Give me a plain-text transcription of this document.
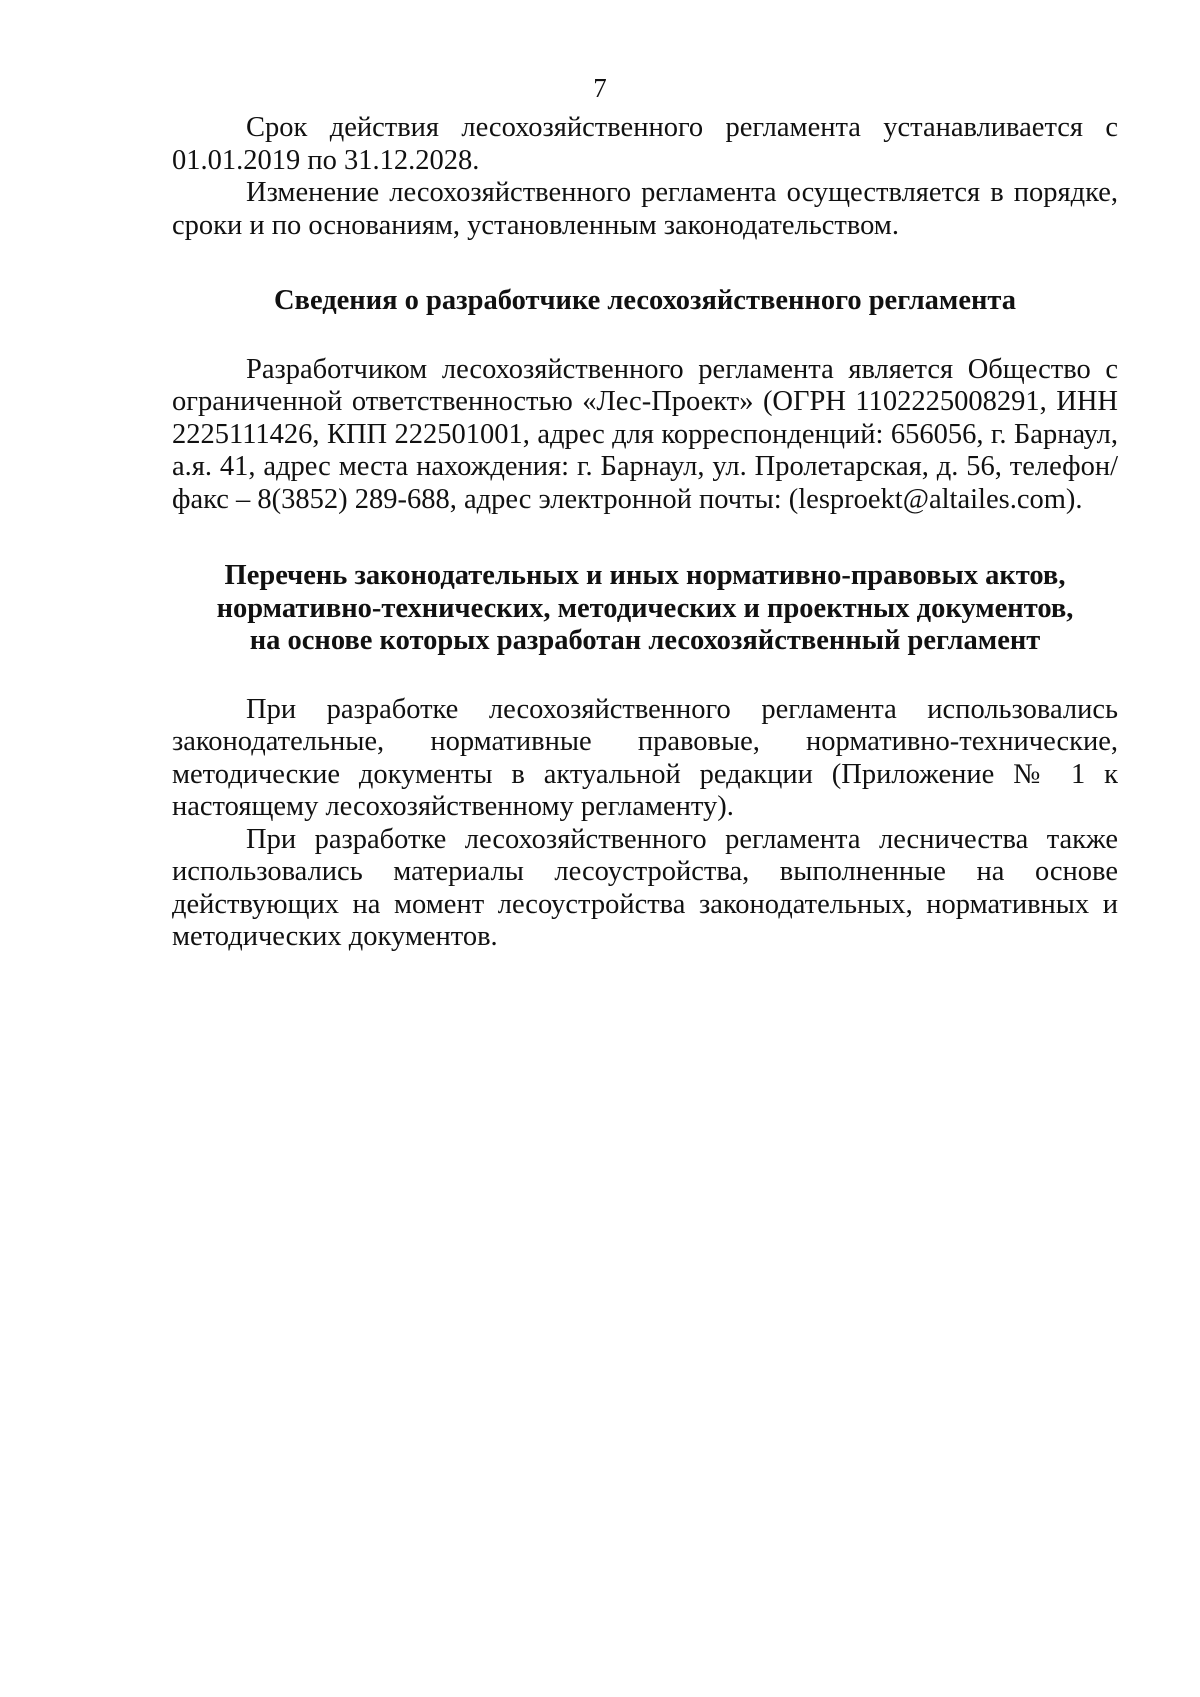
7

Срок действия лесохозяйственного регламента устанавливается с 01.01.2019 по 31.12.2028.

Изменение лесохозяйственного регламента осуществляется в порядке, сроки и по основаниям, установленным законодательством.

Сведения о разработчике лесохозяйственного регламента

Разработчиком лесохозяйственного регламента является Общество с ограниченной ответственностью «Лес-Проект» (ОГРН 1102225008291, ИНН 2225111426, КПП 222501001, адрес для корреспонденций: 656056, г. Барнаул, а.я. 41, адрес места нахождения: г. Барнаул, ул. Пролетарская, д. 56, телефон/факс – 8(3852) 289-688, адрес электронной почты: (lesproekt@altailes.com).

Перечень законодательных и иных нормативно-правовых актов,
нормативно-технических, методических и проектных документов,
на основе которых разработан лесохозяйственный регламент

При разработке лесохозяйственного регламента использовались законодательные, нормативные правовые, нормативно-технические, методические документы в актуальной редакции (Приложение № 1 к настоящему лесохозяйственному регламенту).

При разработке лесохозяйственного регламента лесничества также использовались материалы лесоустройства, выполненные на основе действующих на момент лесоустройства законодательных, нормативных и методических документов.
